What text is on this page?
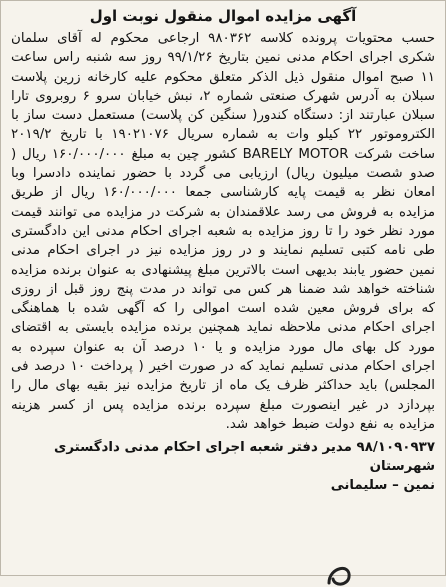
آگهی مزایده اموال منقول نوبت اول
حسب محتویات پرونده کلاسه ۹۸۰۳۶۲ ارجاعی محکوم له آقای سلمان شکری اجرای احکام مدنی نمین بتاریخ ۹۹/۱/۲۶ روز سه شنبه راس ساعت ۱۱ صبح اموال منقول ذیل الذکر متعلق محکوم علیه کارخانه زرین پلاست سبلان به آدرس شهرک صنعتی شماره ۲، نبش خیابان سرو ۶ روبروی تارا سبلان عبارتند از: دستگاه کندور( سنگین کن پلاست) مستعمل دست ساز با الکتروموتور ۲۲ کیلو وات به شماره سریال ۱۹۰۲۱۰۷۶ با تاریخ ۲۰۱۹/۲ ساخت شرکت BARELY MOTOR کشور چین به مبلغ ۱۶۰/۰۰۰/۰۰۰ ریال ( صدو شصت میلیون ریال) ارزیابی می گردد با حضور نماینده دادسرا وبا امعان نظر به قیمت پایه کارشناسی جمعا ۱۶۰/۰۰۰/۰۰۰ ریال از طریق مزایده به فروش می رسد علاقمندان به شرکت در مزایده می توانند قیمت مورد نظر خود را تا روز مزایده به شعبه اجرای احکام مدنی این دادگستری طی نامه کتبی تسلیم نمایند و در روز مزایده نیز در اجرای احکام مدنی نمین حضور یابند بدیهی است بالاترین مبلغ پیشنهادی به عنوان برنده مزایده شناخته خواهد شد ضمنا هر کس می تواند در مدت پنج روز قبل از روزی که برای فروش معین شده است اموالی را که آگهی شده با هماهنگی اجرای احکام مدنی ملاحظه نماید همچنین برنده مزایده بایستی به اقتضای مورد کل بهای مال مورد مزایده و یا ۱۰ درصد آن به عنوان سپرده به اجرای احکام مدنی تسلیم نماید که در صورت اخیر ( پرداخت ۱۰ درصد فی المجلس) باید حداکثر ظرف یک ماه از تاریخ مزایده نیز بقیه بهای مال را بپردازد در غیر اینصورت مبلغ سپرده برنده مزایده پس از کسر هزینه مزایده به نفع دولت ضبط خواهد شد.
۹۸/۱۰۹۰۹۳۷ مدیر دفتر شعبه اجرای احکام مدنی دادگستری شهرستان
نمین – سلیمانی
